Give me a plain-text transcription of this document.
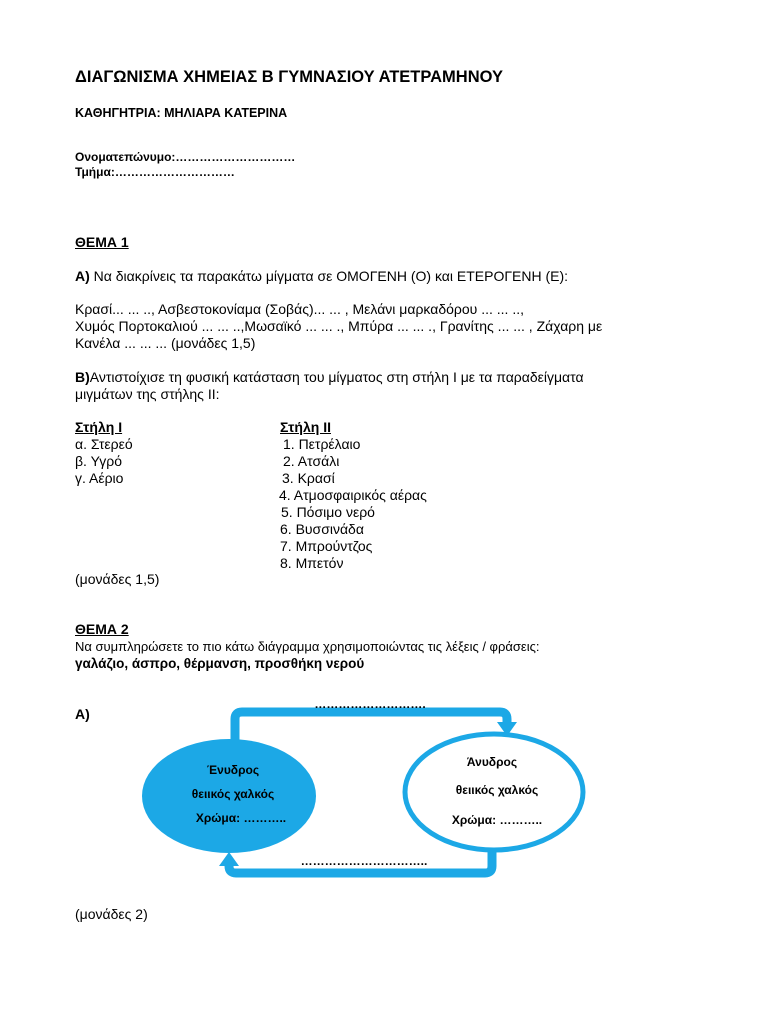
ΔΙΑΓΩΝΙΣΜΑ ΧΗΜΕΙΑΣ Β ΓΥΜΝΑΣΙΟΥ ΑΤΕΤΡΑΜΗΝΟΥ
ΚΑΘΗΓΗΤΡΙΑ: ΜΗΛΙΑΡΑ ΚΑΤΕΡΙΝΑ
Ονοματεπώνυμο:…………………………
Τμήμα:…………………………
ΘΕΜΑ 1
Α) Να διακρίνεις τα παρακάτω μίγματα σε ΟΜΟΓΕΝΗ (Ο) και ΕΤΕΡΟΓΕΝΗ (Ε):
Κρασί... ... .., Ασβεστοκονίαμα (Σοβάς)... ... , Μελάνι μαρκαδόρου ... ... ..,
Χυμός Πορτοκαλιού ... ... ..,Μωσαϊκό ... ... ., Μπύρα ... ... ., Γρανίτης ... ... , Ζάχαρη με
Κανέλα ... ... ... (μονάδες 1,5)
Β)Αντιστοίχισε τη φυσική κατάσταση του μίγματος στη στήλη Ι με τα παραδείγματα
μιγμάτων της στήλης ΙΙ:
Στήλη Ι	Στήλη ΙΙ
α. Στερεό
β. Υγρό
γ. Αέριο
1. Πετρέλαιο
2. Ατσάλι
3. Κρασί
4. Ατμοσφαιρικός αέρας
5. Πόσιμο νερό
6. Βυσσινάδα
7. Μπρούντζος
8. Μπετόν
(μονάδες 1,5)
ΘΕΜΑ 2
Να συμπληρώσετε το πιο κάτω διάγραμμα χρησιμοποιώντας τις λέξεις / φράσεις:
γαλάζιο, άσπρο, θέρμανση, προσθήκη νερού
Α)
……………………….
…………………………..
Ένυδρος
θειικός χαλκός
Χρώμα: ………..
Άνυδρος
θειικός χαλκός
Χρώμα: ………..
(μονάδες 2)
